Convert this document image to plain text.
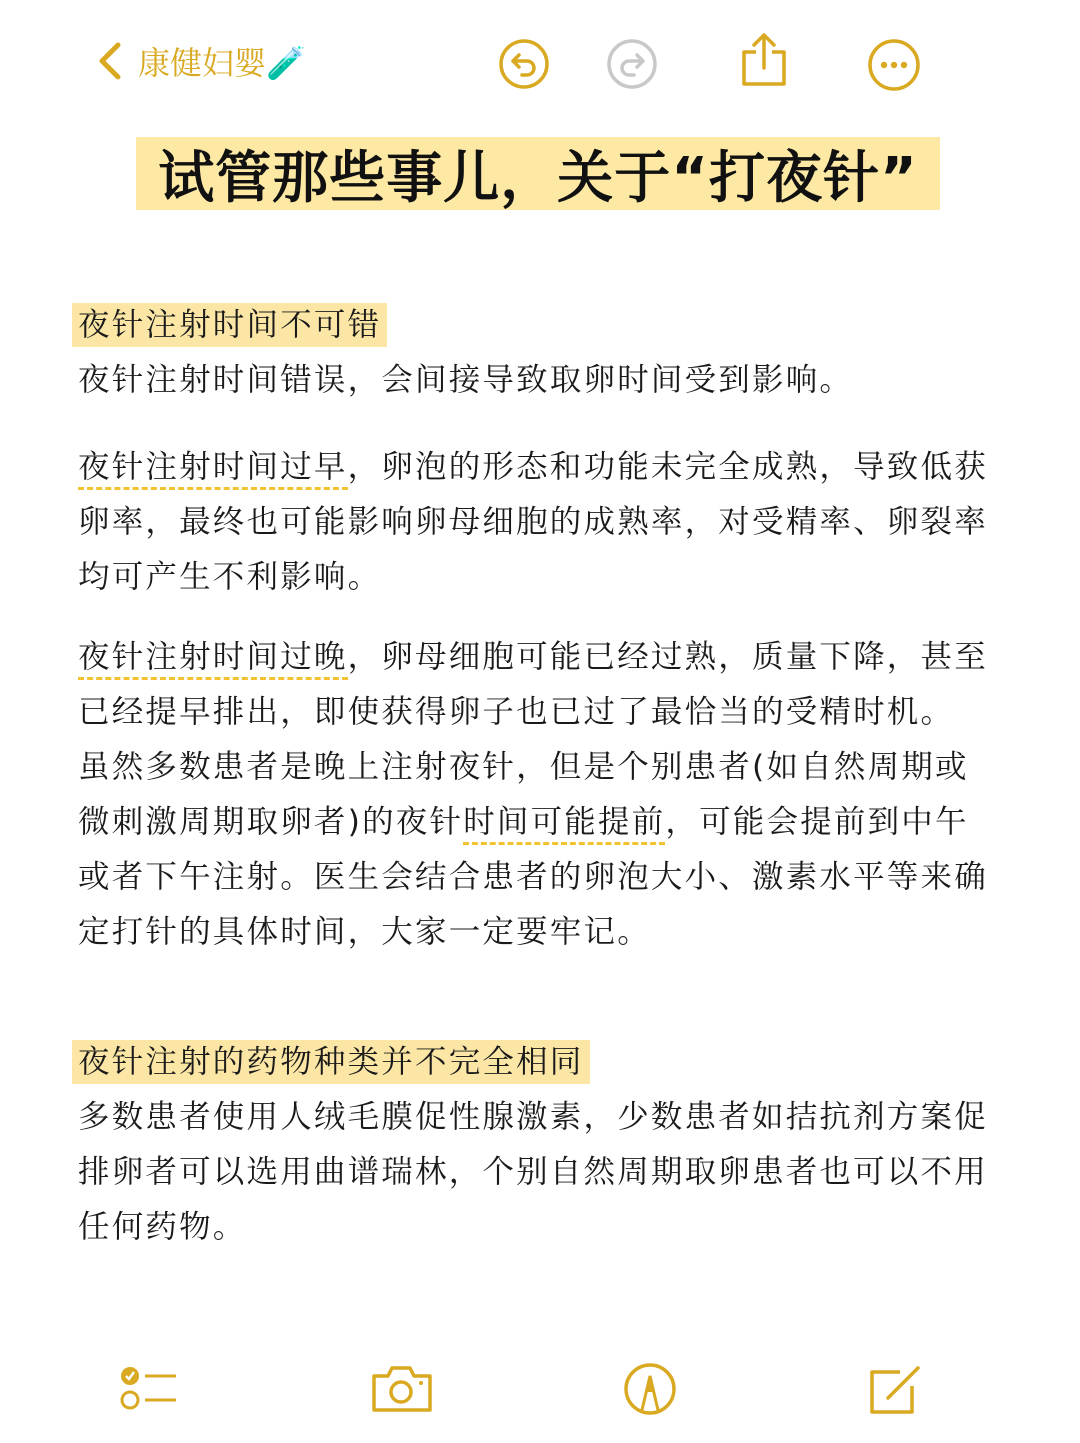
康健妇婴🧪
试管那些事儿，关于“打夜针”
夜针注射时间不可错
夜针注射时间错误，会间接导致取卵时间受到影响。
夜针注射时间过早，卵泡的形态和功能未完全成熟，导致低获
卵率，最终也可能影响卵母细胞的成熟率，对受精率、卵裂率
均可产生不利影响。
夜针注射时间过晚，卵母细胞可能已经过熟，质量下降，甚至
已经提早排出，即使获得卵子也已过了最恰当的受精时机。
虽然多数患者是晚上注射夜针，但是个别患者(如自然周期或
微刺激周期取卵者)的夜针时间可能提前，可能会提前到中午
或者下午注射。医生会结合患者的卵泡大小、激素水平等来确
定打针的具体时间，大家一定要牢记。
夜针注射的药物种类并不完全相同
多数患者使用人绒毛膜促性腺激素，少数患者如拮抗剂方案促
排卵者可以选用曲谱瑞林，个别自然周期取卵患者也可以不用
任何药物。
